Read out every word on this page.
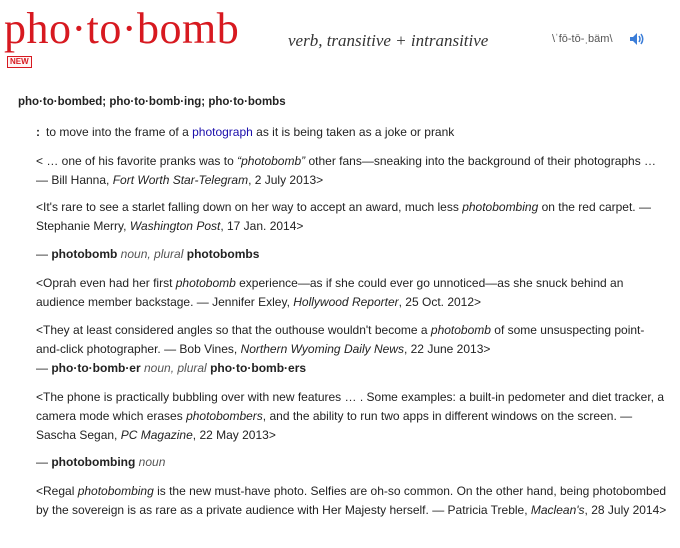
pho·to·bomb	verb, transitive + intransitive	\ˈfō-tō-ˌbäm\
NEW
pho·to·bombed; pho·to·bomb·ing; pho·to·bombs
: to move into the frame of a photograph as it is being taken as a joke or prank
< … one of his favorite pranks was to “photobomb” other fans—sneaking into the background of their photographs … — Bill Hanna, Fort Worth Star-Telegram, 2 July 2013>
<It's rare to see a starlet falling down on her way to accept an award, much less photobombing on the red carpet. — Stephanie Merry, Washington Post, 17 Jan. 2014>
— photobomb noun, plural photobombs
<Oprah even had her first photobomb experience—as if she could ever go unnoticed—as she snuck behind an audience member backstage. — Jennifer Exley, Hollywood Reporter, 25 Oct. 2012>
<They at least considered angles so that the outhouse wouldn't become a photobomb of some unsuspecting point-and-click photographer. — Bob Vines, Northern Wyoming Daily News, 22 June 2013>
— pho·to·bomb·er noun, plural pho·to·bomb·ers
<The phone is practically bubbling over with new features … . Some examples: a built-in pedometer and diet tracker, a camera mode which erases photobombers, and the ability to run two apps in different windows on the screen. — Sascha Segan, PC Magazine, 22 May 2013>
— photobombing noun
<Regal photobombing is the new must-have photo. Selfies are oh-so common. On the other hand, being photobombed by the sovereign is as rare as a private audience with Her Majesty herself. — Patricia Treble, Maclean's, 28 July 2014>
